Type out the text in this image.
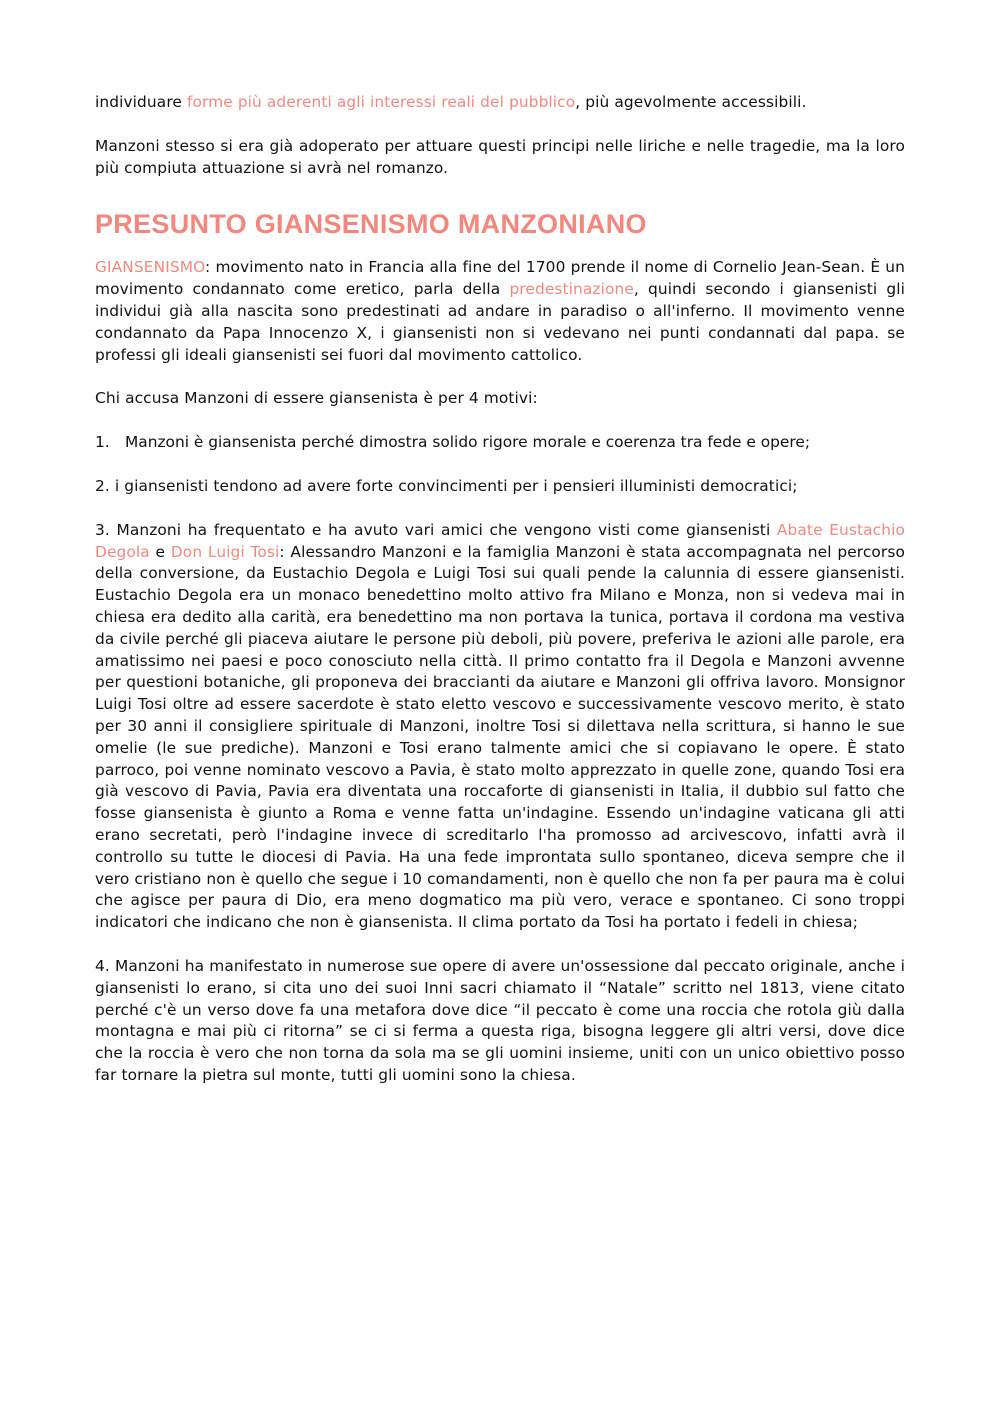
individuare forme più aderenti agli interessi reali del pubblico, più agevolmente accessibili.

Manzoni stesso si era già adoperato per attuare questi principi nelle liriche e nelle tragedie, ma la loro più compiuta attuazione si avrà nel romanzo.

PRESUNTO GIANSENISMO MANZONIANO

GIANSENISMO: movimento nato in Francia alla fine del 1700 prende il nome di Cornelio Jean-Sean. È un movimento condannato come eretico, parla della predestinazione, quindi secondo i giansenisti gli individui già alla nascita sono predestinati ad andare in paradiso o all'inferno. Il movimento venne condannato da Papa Innocenzo X, i giansenisti non si vedevano nei punti condannati dal papa. se professi gli ideali giansenisti sei fuori dal movimento cattolico.

Chi accusa Manzoni di essere giansenista è per 4 motivi:

1. Manzoni è giansenista perché dimostra solido rigore morale e coerenza tra fede e opere;

2. i giansenisti tendono ad avere forte convincimenti per i pensieri illuministi democratici;

3. Manzoni ha frequentato e ha avuto vari amici che vengono visti come giansenisti Abate Eustachio Degola e Don Luigi Tosi: Alessandro Manzoni e la famiglia Manzoni è stata accompagnata nel percorso della conversione, da Eustachio Degola e Luigi Tosi sui quali pende la calunnia di essere giansenisti. Eustachio Degola era un monaco benedettino molto attivo fra Milano e Monza, non si vedeva mai in chiesa era dedito alla carità, era benedettino ma non portava la tunica, portava il cordona ma vestiva da civile perché gli piaceva aiutare le persone più deboli, più povere, preferiva le azioni alle parole, era amatissimo nei paesi e poco conosciuto nella città. Il primo contatto fra il Degola e Manzoni avvenne per questioni botaniche, gli proponeva dei braccianti da aiutare e Manzoni gli offriva lavoro. Monsignor Luigi Tosi oltre ad essere sacerdote è stato eletto vescovo e successivamente vescovo merito, è stato per 30 anni il consigliere spirituale di Manzoni, inoltre Tosi si dilettava nella scrittura, si hanno le sue omelie (le sue prediche). Manzoni e Tosi erano talmente amici che si copiavano le opere. È stato parroco, poi venne nominato vescovo a Pavia, è stato molto apprezzato in quelle zone, quando Tosi era già vescovo di Pavia, Pavia era diventata una roccaforte di giansenisti in Italia, il dubbio sul fatto che fosse giansenista è giunto a Roma e venne fatta un'indagine. Essendo un'indagine vaticana gli atti erano secretati, però l'indagine invece di screditarlo l'ha promosso ad arcivescovo, infatti avrà il controllo su tutte le diocesi di Pavia. Ha una fede improntata sullo spontaneo, diceva sempre che il vero cristiano non è quello che segue i 10 comandamenti, non è quello che non fa per paura ma è colui che agisce per paura di Dio, era meno dogmatico ma più vero, verace e spontaneo. Ci sono troppi indicatori che indicano che non è giansenista. Il clima portato da Tosi ha portato i fedeli in chiesa;

4. Manzoni ha manifestato in numerose sue opere di avere un'ossessione dal peccato originale, anche i giansenisti lo erano, si cita uno dei suoi Inni sacri chiamato il “Natale” scritto nel 1813, viene citato perché c'è un verso dove fa una metafora dove dice “il peccato è come una roccia che rotola giù dalla montagna e mai più ci ritorna” se ci si ferma a questa riga, bisogna leggere gli altri versi, dove dice che la roccia è vero che non torna da sola ma se gli uomini insieme, uniti con un unico obiettivo posso far tornare la pietra sul monte, tutti gli uomini sono la chiesa.
